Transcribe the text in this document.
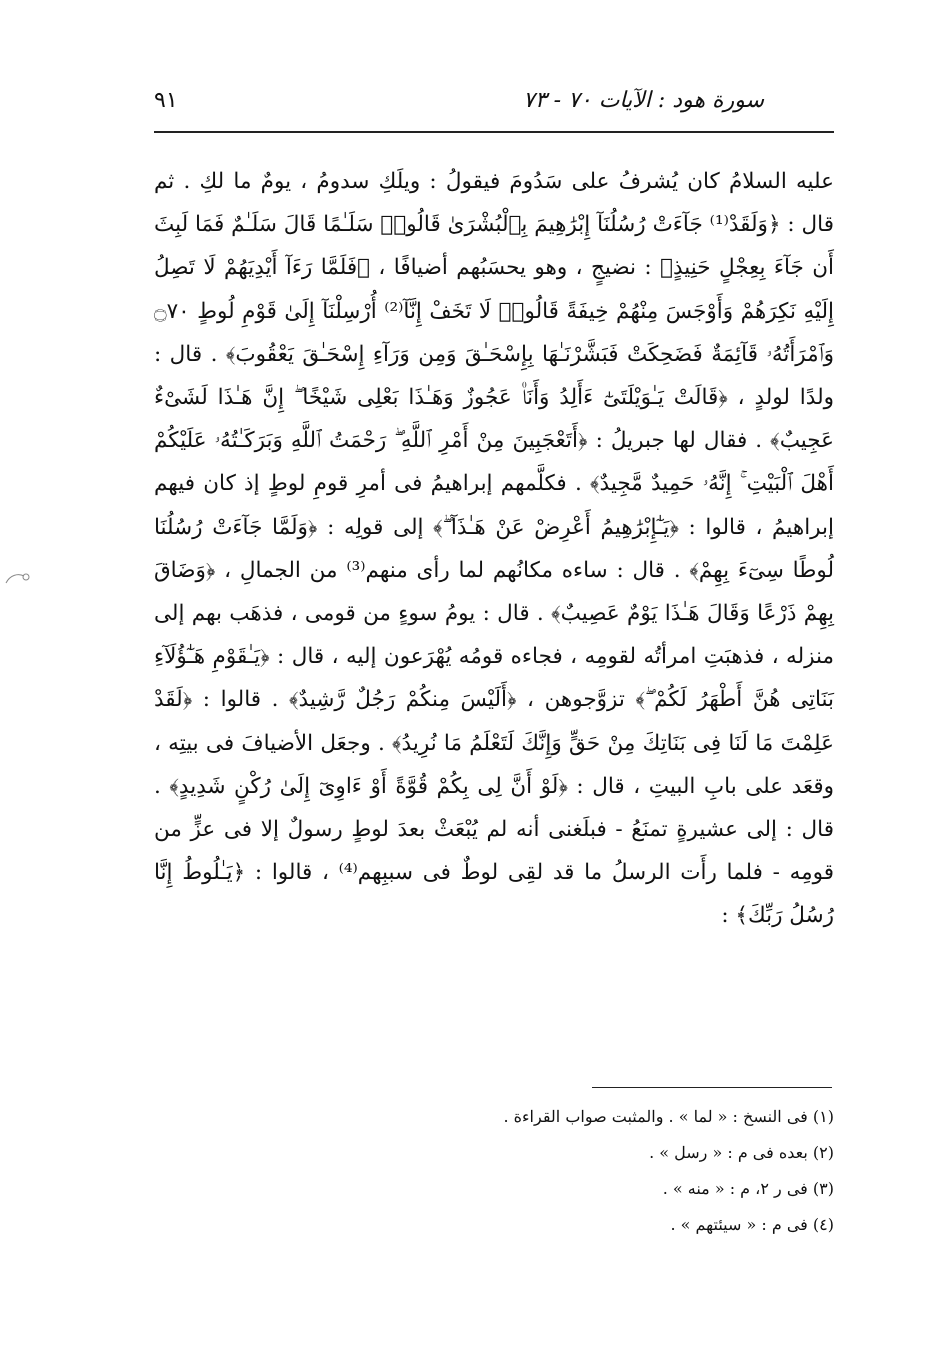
سورة هود : الآيات ٧٠ - ٧٣
٩١

عليه السلامُ كان يُشرفُ على سَدُومَ فيقولُ : ويلَكِ سدومُ ، يومٌ ما لكِ . ثم قال : ﴿وَلَقَدْ⁽¹⁾ جَآءَتْ رُسُلُنَآ إِبْرَٰهِيمَ بِٱلْبُشْرَىٰ قَالُوا۟ سَلَـٰمًا قَالَ سَلَـٰمٌ فَمَا لَبِثَ أَن جَآءَ بِعِجْلٍ حَنِيذٍ﴾ : نضيجٍ ، وهو يحسَبُهم أضيافًا ، ﴿فَلَمَّا رَءَآ أَيْدِيَهُمْ لَا تَصِلُ إِلَيْهِ نَكِرَهُمْ وَأَوْجَسَ مِنْهُمْ خِيفَةً قَالُوا۟ لَا تَخَفْ إِنَّآ⁽²⁾ أُرْسِلْنَآ إِلَىٰ قَوْمِ لُوطٍ ۝٧٠ وَٱمْرَأَتُهُۥ قَآئِمَةٌ فَضَحِكَتْ فَبَشَّرْنَـٰهَا بِإِسْحَـٰقَ وَمِن وَرَآءِ إِسْحَـٰقَ يَعْقُوبَ﴾ . قال : ولدًا لولدٍ ، ﴿قَالَتْ يَـٰوَيْلَتَىٰٓ ءَأَلِدُ وَأَنَا۠ عَجُوزٌ وَهَـٰذَا بَعْلِى شَيْخًا ۖ إِنَّ هَـٰذَا لَشَىْءٌ عَجِيبٌ﴾ . فقال لها جبريلُ : ﴿أَتَعْجَبِينَ مِنْ أَمْرِ ٱللَّهِ ۖ رَحْمَتُ ٱللَّهِ وَبَرَكَـٰتُهُۥ عَلَيْكُمْ أَهْلَ ٱلْبَيْتِ ۚ إِنَّهُۥ حَمِيدٌ مَّجِيدٌ﴾ . فكلَّمهم إبراهيمُ فى أمرِ قومِ لوطٍ إذ كان فيهم إبراهيمُ ، قالوا : ﴿يَـٰٓإِبْرَٰهِيمُ أَعْرِضْ عَنْ هَـٰذَآ ۖ﴾ إلى قولِه : ﴿وَلَمَّا جَآءَتْ رُسُلُنَا لُوطًا سِىٓءَ بِهِمْ﴾ . قال : ساءه مكانُهم لما رأى منهم⁽³⁾ من الجمالِ ، ﴿وَضَاقَ بِهِمْ ذَرْعًا وَقَالَ هَـٰذَا يَوْمٌ عَصِيبٌ﴾ . قال : يومُ سوءٍ من قومى ، فذهَب بهم إلى منزله ، فذهبَتِ امرأتُه لقومِه ، فجاءه قومُه يُهْرَعون إليه ، قال : ﴿يَـٰقَوْمِ هَـٰٓؤُلَآءِ بَنَاتِى هُنَّ أَطْهَرُ لَكُمْ ۖ﴾ تزوَّجوهن ، ﴿أَلَيْسَ مِنكُمْ رَجُلٌ رَّشِيدٌ﴾ . قالوا : ﴿لَقَدْ عَلِمْتَ مَا لَنَا فِى بَنَاتِكَ مِنْ حَقٍّ وَإِنَّكَ لَتَعْلَمُ مَا نُرِيدُ﴾ . وجعَل الأضيافَ فى بيتِه ، وقعَد على بابِ البيتِ ، قال : ﴿لَوْ أَنَّ لِى بِكُمْ قُوَّةً أَوْ ءَاوِىٓ إِلَىٰ رُكْنٍ شَدِيدٍ﴾ . قال : إلى عشيرةٍ تمنَعُ - فبلَغنى أنه لم يُبْعَثْ بعدَ لوطٍ رسولٌ إلا فى عزٍّ من قومِه - فلما رأَت الرسلُ ما قد لقِى لوطٌ فى سببِهم⁽⁴⁾ ، قالوا : ﴿يَـٰلُوطُ إِنَّا رُسُلُ رَبِّكَ﴾ :

(١) فى النسخ : « لما » . والمثبت صواب القراءة .
(٢) بعده فى م : « رسل » .
(٣) فى ر ٢، م : « منه » .
(٤) فى م : « سيئتهم » .
